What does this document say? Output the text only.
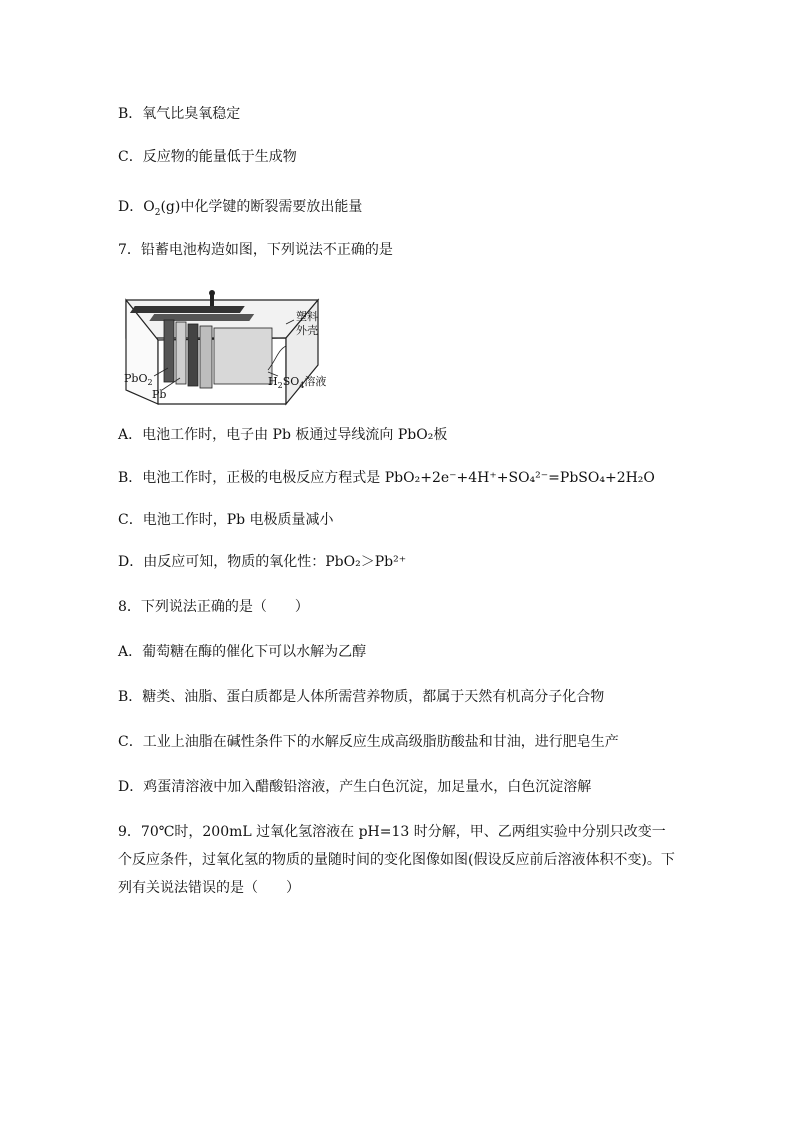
B．氧气比臭氧稳定
C．反应物的能量低于生成物
D．$O_2(g)$中化学键的断裂需要放出能量
7．铅蓄电池构造如图，下列说法不正确的是
塑料
外壳
PbO$_2$
Pb
$H_2SO_4$溶液
A．电池工作时，电子由 Pb 板通过导线流向 PbO₂板
B．电池工作时，正极的电极反应方程式是 PbO₂+2e⁻+4H⁺+SO₄²⁻=PbSO₄+2H₂O
C．电池工作时，Pb 电极质量减小
D．由反应可知，物质的氧化性：PbO₂＞Pb²⁺
8．下列说法正确的是（　　）
A．葡萄糖在酶的催化下可以水解为乙醇
B．糖类、油脂、蛋白质都是人体所需营养物质，都属于天然有机高分子化合物
C．工业上油脂在碱性条件下的水解反应生成高级脂肪酸盐和甘油，进行肥皂生产
D．鸡蛋清溶液中加入醋酸铅溶液，产生白色沉淀，加足量水，白色沉淀溶解
9．70℃时，200mL 过氧化氢溶液在 pH=13 时分解，甲、乙两组实验中分别只改变一个反应条件，过氧化氢的物质的量随时间的变化图像如图(假设反应前后溶液体积不变)。下列有关说法错误的是（　　）
